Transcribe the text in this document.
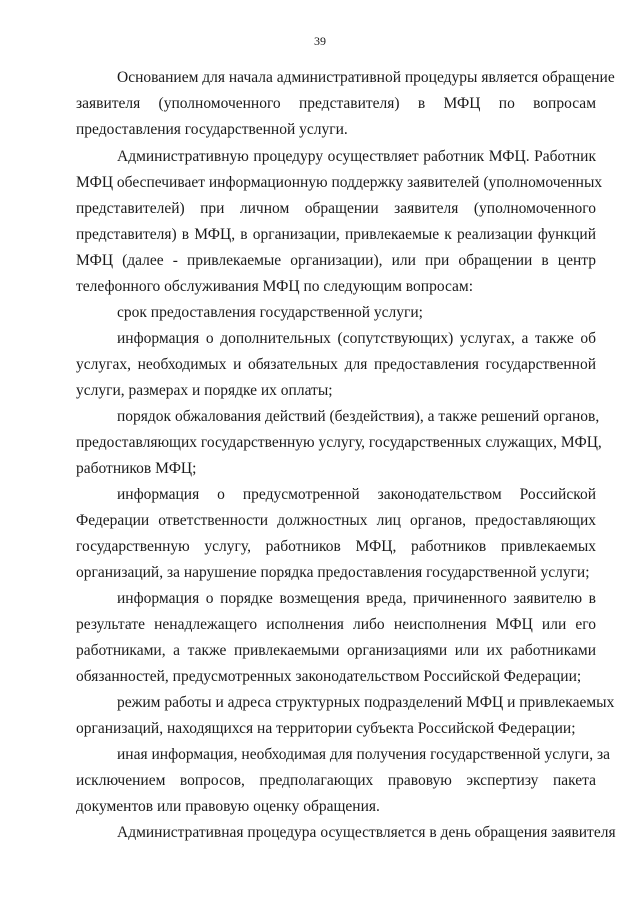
39
Основанием для начала административной процедуры является обращение
заявителя (уполномоченного представителя) в МФЦ по вопросам
предоставления государственной услуги.
Административную процедуру осуществляет работник МФЦ. Работник
МФЦ обеспечивает информационную поддержку заявителей (уполномоченных
представителей) при личном обращении заявителя (уполномоченного
представителя) в МФЦ, в организации, привлекаемые к реализации функций
МФЦ (далее - привлекаемые организации), или при обращении в центр
телефонного обслуживания МФЦ по следующим вопросам:
срок предоставления государственной услуги;
информация о дополнительных (сопутствующих) услугах, а также об
услугах, необходимых и обязательных для предоставления государственной
услуги, размерах и порядке их оплаты;
порядок обжалования действий (бездействия), а также решений органов,
предоставляющих государственную услугу, государственных служащих, МФЦ,
работников МФЦ;
информация о предусмотренной законодательством Российской
Федерации ответственности должностных лиц органов, предоставляющих
государственную услугу, работников МФЦ, работников привлекаемых
организаций, за нарушение порядка предоставления государственной услуги;
информация о порядке возмещения вреда, причиненного заявителю в
результате ненадлежащего исполнения либо неисполнения МФЦ или его
работниками, а также привлекаемыми организациями или их работниками
обязанностей, предусмотренных законодательством Российской Федерации;
режим работы и адреса структурных подразделений МФЦ и привлекаемых
организаций, находящихся на территории субъекта Российской Федерации;
иная информация, необходимая для получения государственной услуги, за
исключением вопросов, предполагающих правовую экспертизу пакета
документов или правовую оценку обращения.
Административная процедура осуществляется в день обращения заявителя
